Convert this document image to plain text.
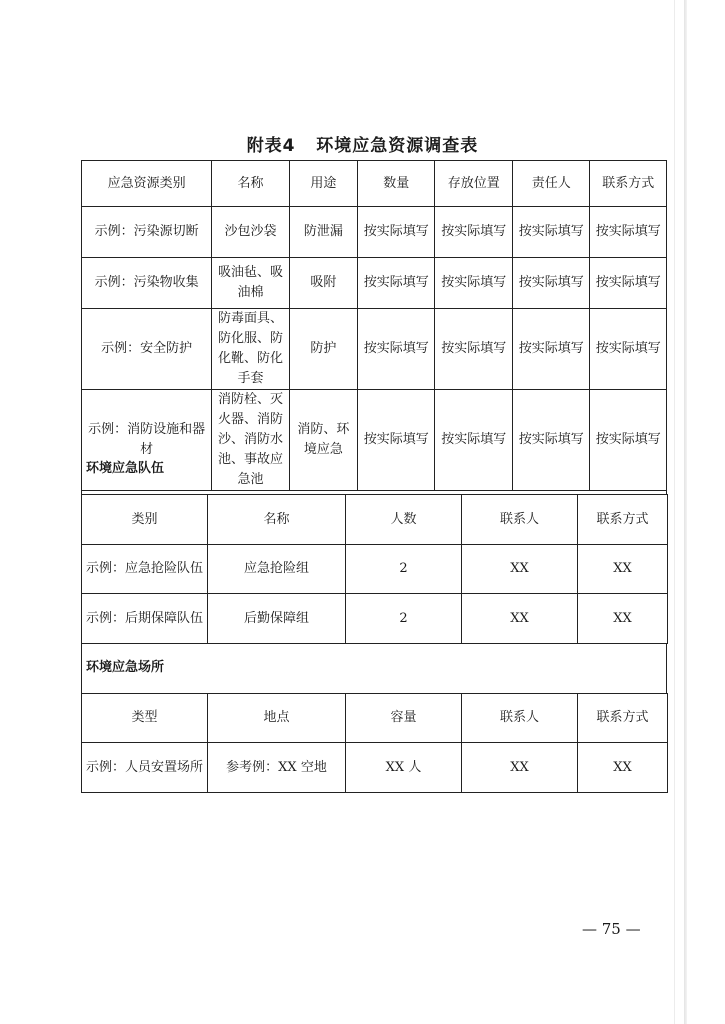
附表4 环境应急资源调查表
应急资源类别	名称	用途	数量	存放位置	责任人	联系方式
示例：污染源切断	沙包沙袋	防泄漏	按实际填写	按实际填写	按实际填写	按实际填写
示例：污染物收集	吸油毡、吸油棉	吸附	按实际填写	按实际填写	按实际填写	按实际填写
示例：安全防护	防毒面具、防化服、防化靴、防化手套	防护	按实际填写	按实际填写	按实际填写	按实际填写
示例：消防设施和器材	消防栓、灭火器、消防沙、消防水池、事故应急池	消防、环境应急	按实际填写	按实际填写	按实际填写	按实际填写
环境应急队伍
类别	名称	人数	联系人	联系方式
示例：应急抢险队伍	应急抢险组	2	XX	XX
示例：后期保障队伍	后勤保障组	2	XX	XX
环境应急场所
类型	地点	容量	联系人	联系方式
示例：人员安置场所	参考例：XX 空地	XX 人	XX	XX
— 75 —
